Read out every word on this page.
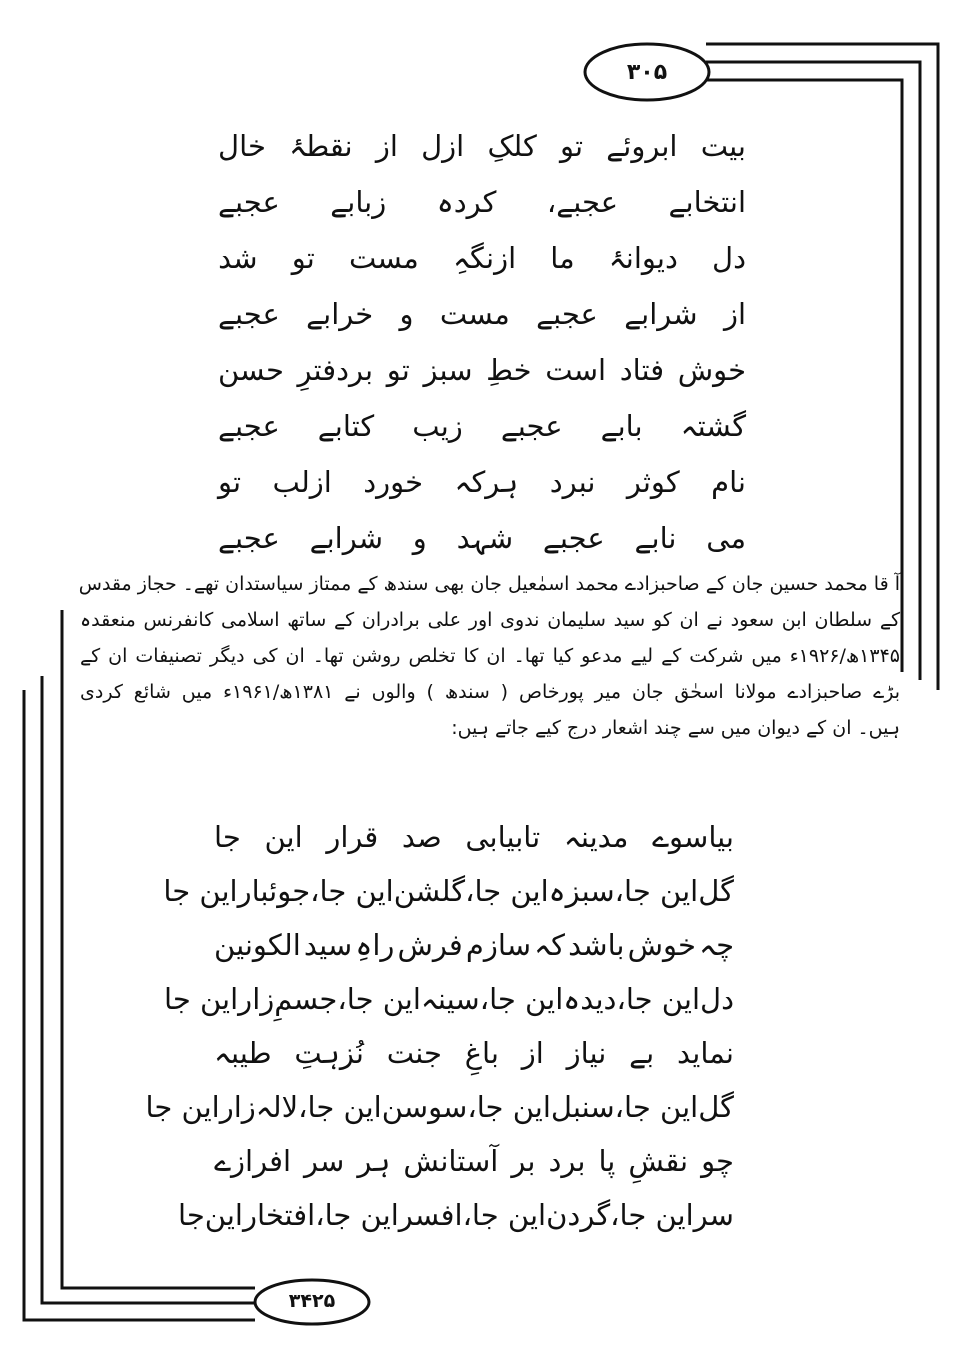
۳۰۵
۳۴۲۵
بیت
ابروئے
تو
کلکِ
ازل
از
نقطۂ
خال
انتخابے
عجبے،
کردہ
زبابے
عجبے
دل
دیوانۂ
ما
ازنگہِ
مست
تو
شد
از
شرابے
عجبے
مست
و
خرابے
عجبے
خوش
فتاد
است
خطِ
سبز
تو
بردفترِ
حسن
گشتہ
بابے
عجبے
زیب
کتابے
عجبے
نام
کوثر
نبرد
ہرکہ
خورد
ازلب
تو
می
نابے
عجبے
شہد
و
شرابے
عجبے

آ قا محمد حسین جان کے صاحبزادے محمد اسمٰعیل جان بھی سندھ کے ممتاز سیاستدان تھے۔ حجاز مقدس

کے سلطان ابن سعود نے ان کو سید سلیمان ندوی اور علی برادران کے ساتھ اسلامی کانفرنس منعقدہ

۱۳۴۵ھ/۱۹۲۶ء میں شرکت کے لیے مدعو کیا تھا۔ ان کا تخلص روشن تھا۔ ان کی دیگر تصنیفات ان کے

بڑے صاحبزادے مولانا اسحٰق جان میر پورخاص ( سندھ ) والوں نے ۱۳۸۱ھ/۱۹۶۱ء میں شائع کردی

ہیں۔ ان کے دیوان میں سے چند اشعار درج کیے جاتے ہیں:

بیاسوے
مدینہ
تابیابی
صد
قرار
این
جا
گل
این جا،
سبزہ
این جا،
گلشن
این جا،
جوئبارا
ین جا
چہ
خوش
باشد
کہ
سازم
فرش
راہِ
سید
الکونین
دل
این جا،
دیدہ
این جا،
سینہ
این جا،
جسمِ
زا
راین جا
نماید
بے
نیاز
از
باغِ
جنت
نُزہتِ
طیبہ
گل
این جا،
سنبل
این جا،
سوسن
این جا،
لالہ
زاراین جا
چو
نقشِ
پا
برد
بر
آستانش
ہر
سر
افرازے
سراین جا،
گردن
این جا،
افسر
این جا،
افتخار
این
جا
